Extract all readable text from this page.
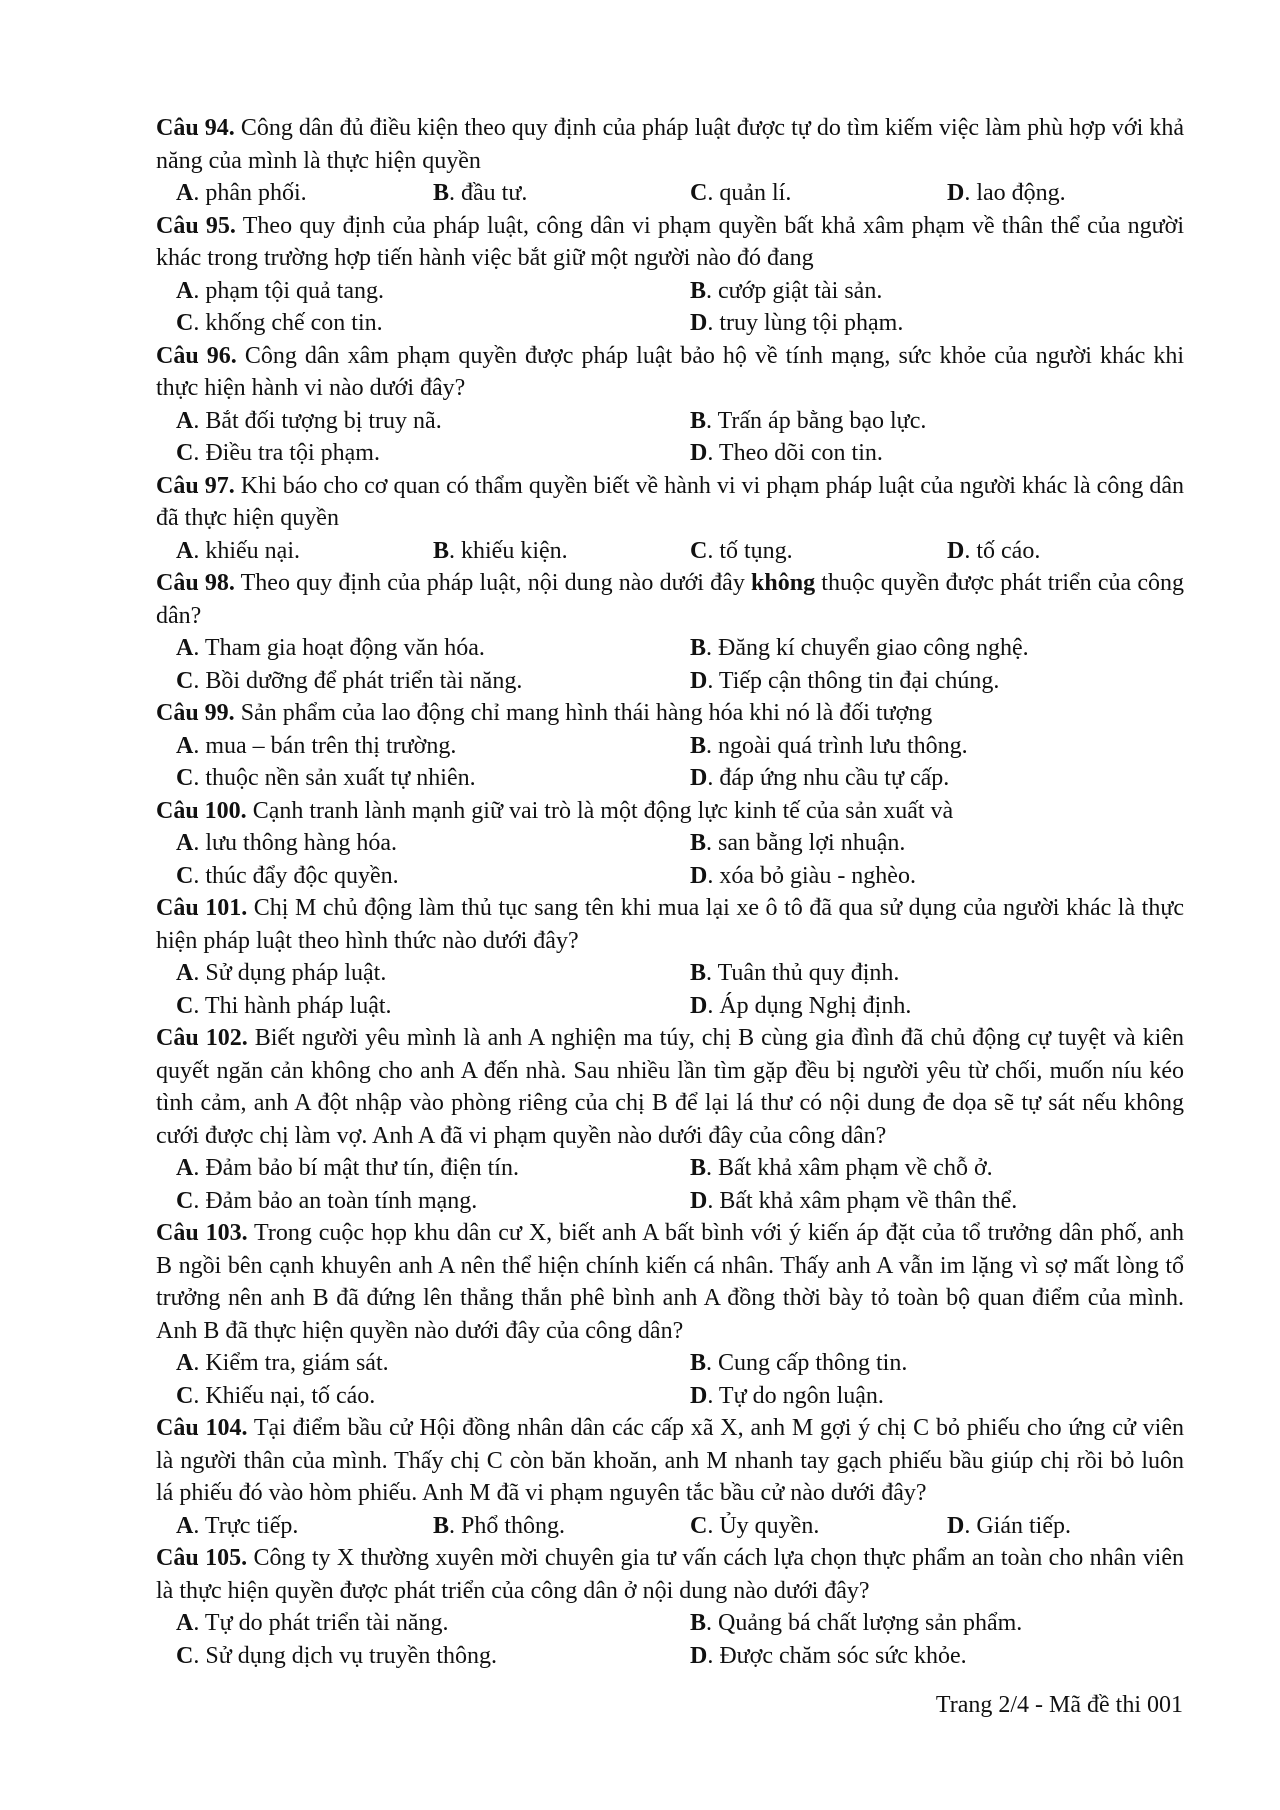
Câu 94. Công dân đủ điều kiện theo quy định của pháp luật được tự do tìm kiếm việc làm phù hợp với khả năng của mình là thực hiện quyền
A. phân phối.	B. đầu tư.	C. quản lí.	D. lao động.
Câu 95. Theo quy định của pháp luật, công dân vi phạm quyền bất khả xâm phạm về thân thể của người khác trong trường hợp tiến hành việc bắt giữ một người nào đó đang
A. phạm tội quả tang.	B. cướp giật tài sản.
C. khống chế con tin.	D. truy lùng tội phạm.
Câu 96. Công dân xâm phạm quyền được pháp luật bảo hộ về tính mạng, sức khỏe của người khác khi thực hiện hành vi nào dưới đây?
A. Bắt đối tượng bị truy nã.	B. Trấn áp bằng bạo lực.
C. Điều tra tội phạm.	D. Theo dõi con tin.
Câu 97. Khi báo cho cơ quan có thẩm quyền biết về hành vi vi phạm pháp luật của người khác là công dân đã thực hiện quyền
A. khiếu nại.	B. khiếu kiện.	C. tố tụng.	D. tố cáo.
Câu 98. Theo quy định của pháp luật, nội dung nào dưới đây không thuộc quyền được phát triển của công dân?
A. Tham gia hoạt động văn hóa.	B. Đăng kí chuyển giao công nghệ.
C. Bồi dưỡng để phát triển tài năng.	D. Tiếp cận thông tin đại chúng.
Câu 99. Sản phẩm của lao động chỉ mang hình thái hàng hóa khi nó là đối tượng
A. mua – bán trên thị trường.	B. ngoài quá trình lưu thông.
C. thuộc nền sản xuất tự nhiên.	D. đáp ứng nhu cầu tự cấp.
Câu 100. Cạnh tranh lành mạnh giữ vai trò là một động lực kinh tế của sản xuất và
A. lưu thông hàng hóa.	B. san bằng lợi nhuận.
C. thúc đẩy độc quyền.	D. xóa bỏ giàu - nghèo.
Câu 101. Chị M chủ động làm thủ tục sang tên khi mua lại xe ô tô đã qua sử dụng của người khác là thực hiện pháp luật theo hình thức nào dưới đây?
A. Sử dụng pháp luật.	B. Tuân thủ quy định.
C. Thi hành pháp luật.	D. Áp dụng Nghị định.
Câu 102. Biết người yêu mình là anh A nghiện ma túy, chị B cùng gia đình đã chủ động cự tuyệt và kiên quyết ngăn cản không cho anh A đến nhà. Sau nhiều lần tìm gặp đều bị người yêu từ chối, muốn níu kéo tình cảm, anh A đột nhập vào phòng riêng của chị B để lại lá thư có nội dung đe dọa sẽ tự sát nếu không cưới được chị làm vợ. Anh A đã vi phạm quyền nào dưới đây của công dân?
A. Đảm bảo bí mật thư tín, điện tín.	B. Bất khả xâm phạm về chỗ ở.
C. Đảm bảo an toàn tính mạng.	D. Bất khả xâm phạm về thân thể.
Câu 103. Trong cuộc họp khu dân cư X, biết anh A bất bình với ý kiến áp đặt của tổ trưởng dân phố, anh B ngồi bên cạnh khuyên anh A nên thể hiện chính kiến cá nhân. Thấy anh A vẫn im lặng vì sợ mất lòng tổ trưởng nên anh B đã đứng lên thẳng thắn phê bình anh A đồng thời bày tỏ toàn bộ quan điểm của mình. Anh B đã thực hiện quyền nào dưới đây của công dân?
A. Kiểm tra, giám sát.	B. Cung cấp thông tin.
C. Khiếu nại, tố cáo.	D. Tự do ngôn luận.
Câu 104. Tại điểm bầu cử Hội đồng nhân dân các cấp xã X, anh M gợi ý chị C bỏ phiếu cho ứng cử viên là người thân của mình. Thấy chị C còn băn khoăn, anh M nhanh tay gạch phiếu bầu giúp chị rồi bỏ luôn lá phiếu đó vào hòm phiếu. Anh M đã vi phạm nguyên tắc bầu cử nào dưới đây?
A. Trực tiếp.	B. Phổ thông.	C. Ủy quyền.	D. Gián tiếp.
Câu 105. Công ty X thường xuyên mời chuyên gia tư vấn cách lựa chọn thực phẩm an toàn cho nhân viên là thực hiện quyền được phát triển của công dân ở nội dung nào dưới đây?
A. Tự do phát triển tài năng.	B. Quảng bá chất lượng sản phẩm.
C. Sử dụng dịch vụ truyền thông.	D. Được chăm sóc sức khỏe.
Trang 2/4 - Mã đề thi 001
